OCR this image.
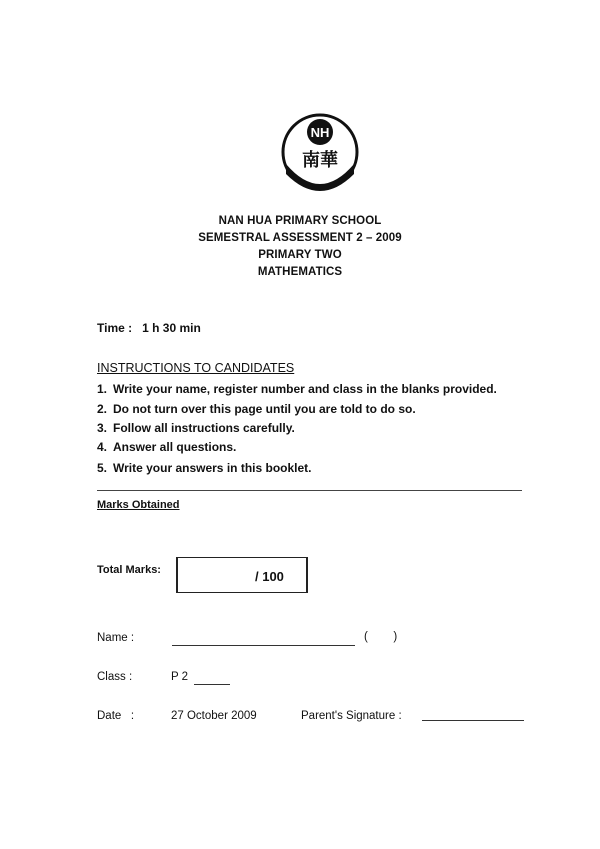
NH
南華
NAN HUA PRIMARY SCHOOL
SEMESTRAL ASSESSMENT 2 – 2009
PRIMARY TWO
MATHEMATICS
Time :   1 h 30 min
INSTRUCTIONS TO CANDIDATES
1. Write your name, register number and class in the blanks provided.
2. Do not turn over this page until you are told to do so.
3. Follow all instructions carefully.
4. Answer all questions.
5. Write your answers in this booklet.
Marks Obtained
Total Marks:	/ 100
Name :	(        )
Class :	P 2
Date   :	27 October 2009	Parent's Signature :
